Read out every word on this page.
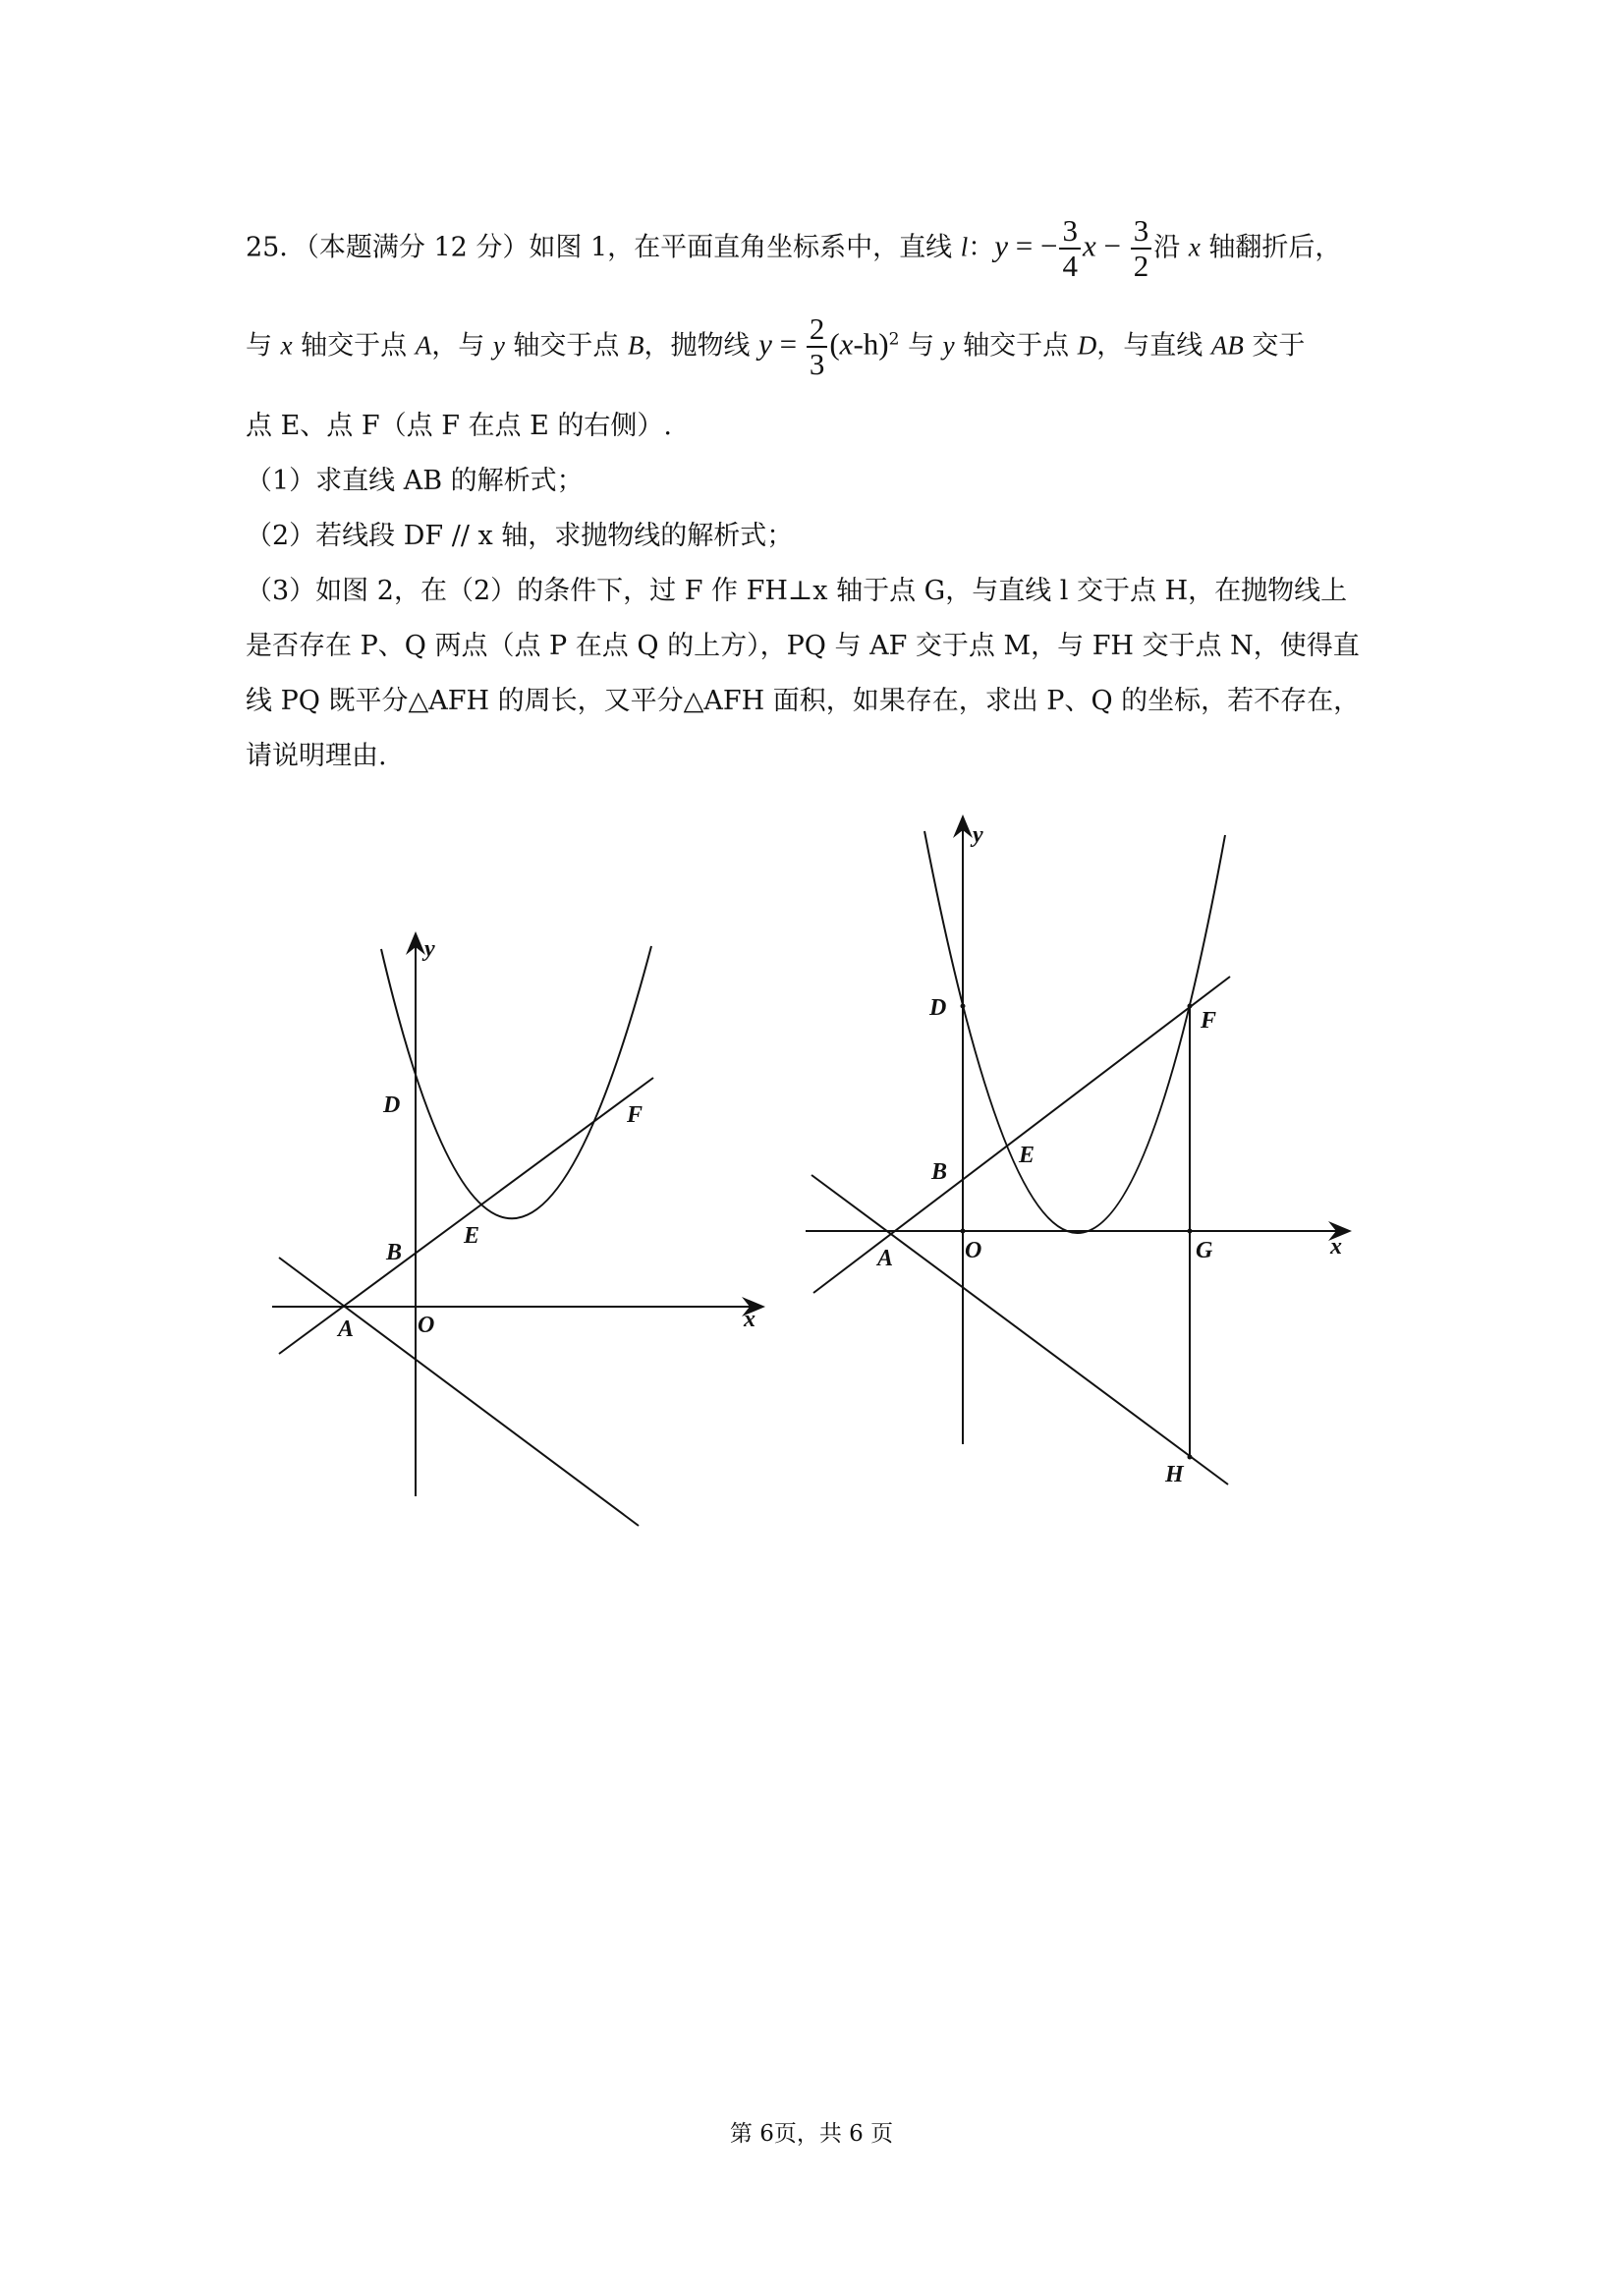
25．（本题满分 12 分）如图 1，在平面直角坐标系中，直线 l：y = − $\frac{3}{4}$ $x - \frac{3}{2}$ 沿 x 轴翻折后，
与 x 轴交于点 A，与 y 轴交于点 B，抛物线 $y = \frac{2}{3} (x-h)^2$ 与 y 轴交于点 D，与直线 AB 交于
点 E、点 F（点 F 在点 E 的右侧）.
（1）求直线 AB 的解析式；
（2）若线段 DF // x 轴，求抛物线的解析式；
（3）如图 2，在（2）的条件下，过 F 作 FH⊥x 轴于点 G，与直线 l 交于点 H，在抛物线上
是否存在 P、Q 两点（点 P 在点 Q 的上方），PQ 与 AF 交于点 M，与 FH 交于点 N，使得直
线 PQ 既平分△AFH 的周长，又平分△AFH 面积，如果存在，求出 P、Q 的坐标，若不存在，
请说明理由.
y
x
D	F
B
E
A	O
y
x
D	F
B
E
A	O	G
H
第 6页，共 6 页
